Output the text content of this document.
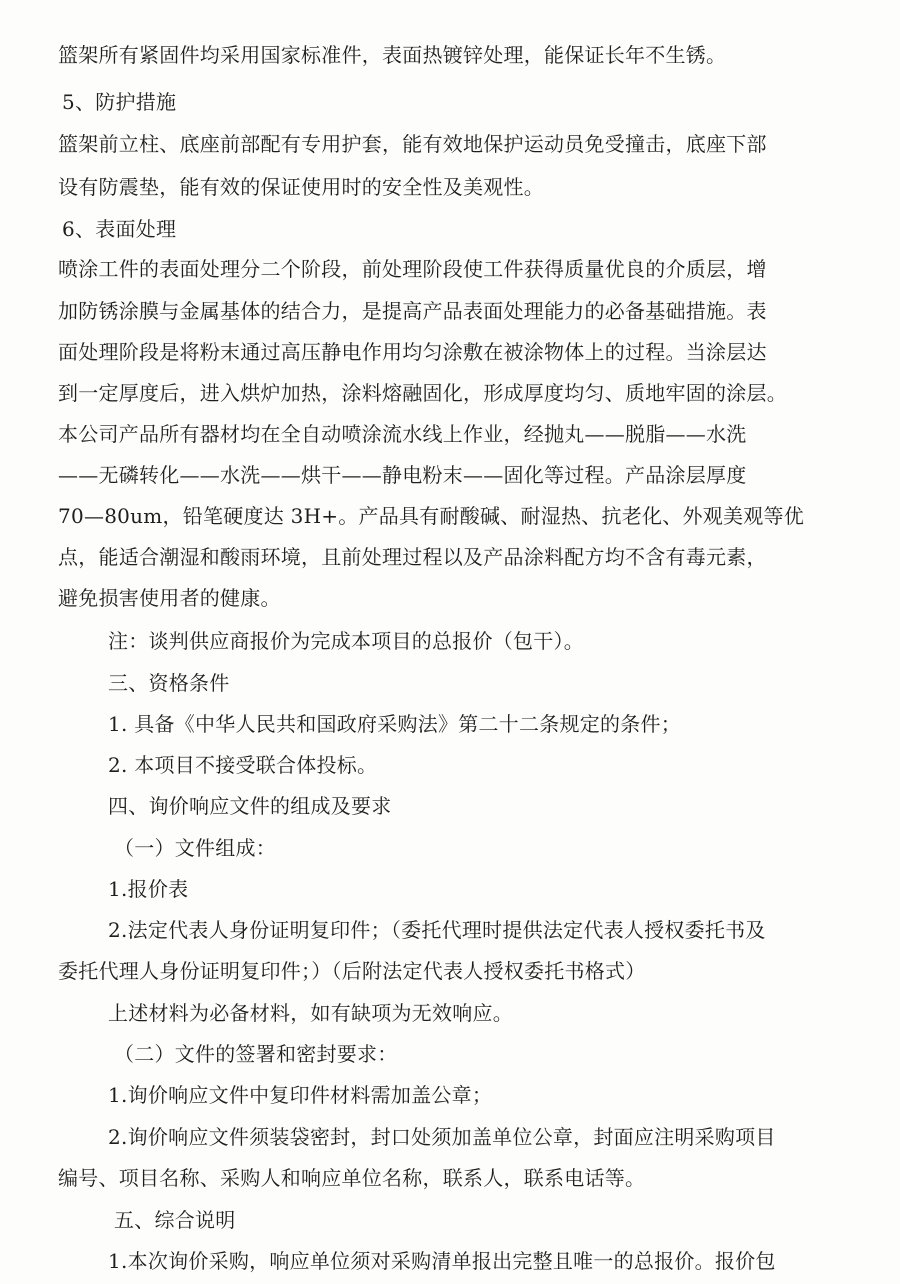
篮架所有紧固件均采用国家标准件，表面热镀锌处理，能保证长年不生锈。
5、防护措施
篮架前立柱、底座前部配有专用护套，能有效地保护运动员免受撞击，底座下部
设有防震垫，能有效的保证使用时的安全性及美观性。
6、表面处理
喷涂工件的表面处理分二个阶段，前处理阶段使工件获得质量优良的介质层，增
加防锈涂膜与金属基体的结合力，是提高产品表面处理能力的必备基础措施。表
面处理阶段是将粉末通过高压静电作用均匀涂敷在被涂物体上的过程。当涂层达
到一定厚度后，进入烘炉加热，涂料熔融固化，形成厚度均匀、质地牢固的涂层。
本公司产品所有器材均在全自动喷涂流水线上作业，经抛丸——脱脂——水洗
——无磷转化——水洗——烘干——静电粉末——固化等过程。产品涂层厚度
70—80um，铅笔硬度达 3H+。产品具有耐酸碱、耐湿热、抗老化、外观美观等优
点，能适合潮湿和酸雨环境，且前处理过程以及产品涂料配方均不含有毒元素，
避免损害使用者的健康。
注：谈判供应商报价为完成本项目的总报价（包干）。
三、资格条件
1. 具备《中华人民共和国政府采购法》第二十二条规定的条件；
2. 本项目不接受联合体投标。
四、询价响应文件的组成及要求
（一）文件组成：
1.报价表
2.法定代表人身份证明复印件；（委托代理时提供法定代表人授权委托书及
委托代理人身份证明复印件；）（后附法定代表人授权委托书格式）
上述材料为必备材料，如有缺项为无效响应。
（二）文件的签署和密封要求：
1.询价响应文件中复印件材料需加盖公章；
2.询价响应文件须装袋密封，封口处须加盖单位公章，封面应注明采购项目
编号、项目名称、采购人和响应单位名称，联系人，联系电话等。
五、综合说明
1.本次询价采购，响应单位须对采购清单报出完整且唯一的总报价。报价包
